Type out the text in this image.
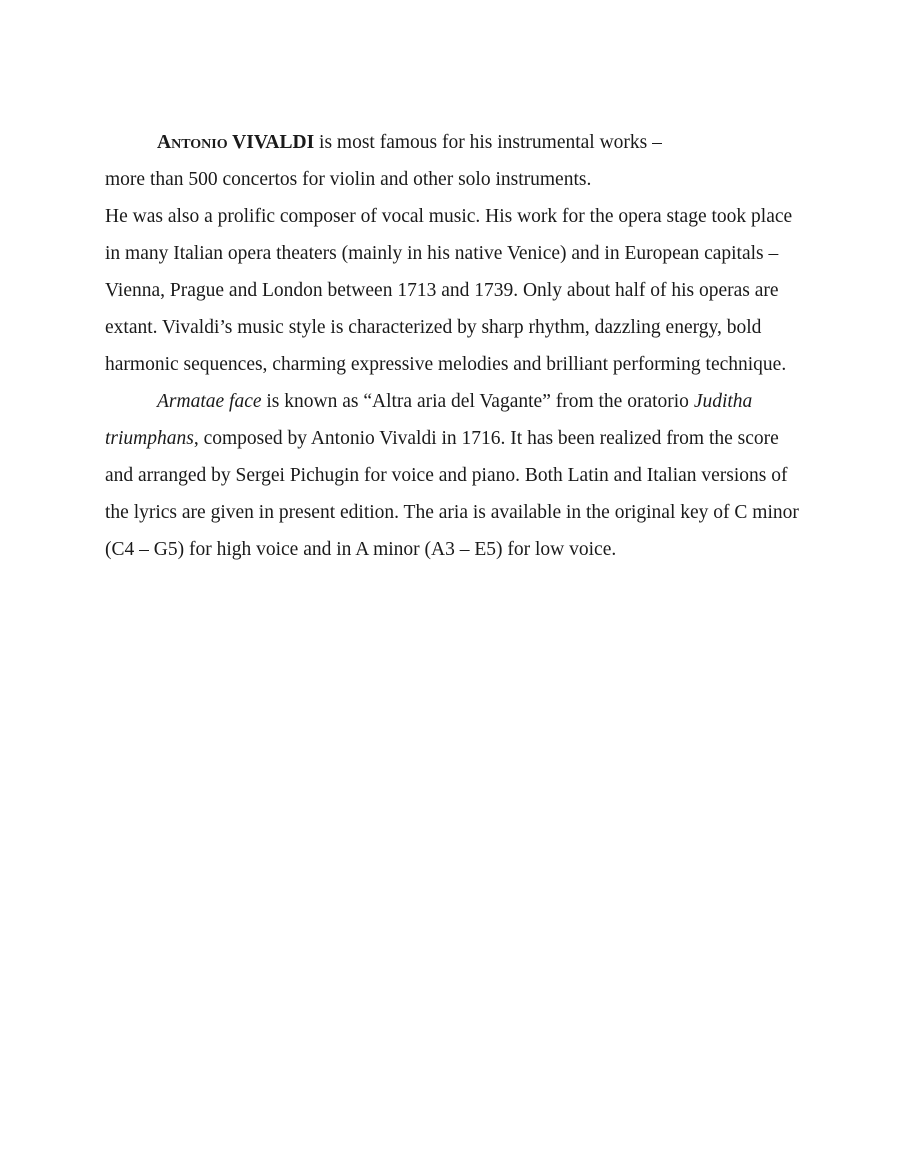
Antonio VIVALDI is most famous for his instrumental works –
more than 500 concertos for violin and other solo instruments.

He was also a prolific composer of vocal music. His work for the opera stage took place in many Italian opera theaters (mainly in his native Venice) and in European capitals – Vienna, Prague and London between 1713 and 1739. Only about half of his operas are extant. Vivaldi’s music style is characterized by sharp rhythm, dazzling energy, bold harmonic sequences, charming expressive melodies and brilliant performing technique.

Armatae face is known as “Altra aria del Vagante” from the oratorio Juditha triumphans, composed by Antonio Vivaldi in 1716. It has been realized from the score and arranged by Sergei Pichugin for voice and piano. Both Latin and Italian versions of the lyrics are given in present edition. The aria is available in the original key of C minor (C4 – G5) for high voice and in A minor (A3 – E5) for low voice.
